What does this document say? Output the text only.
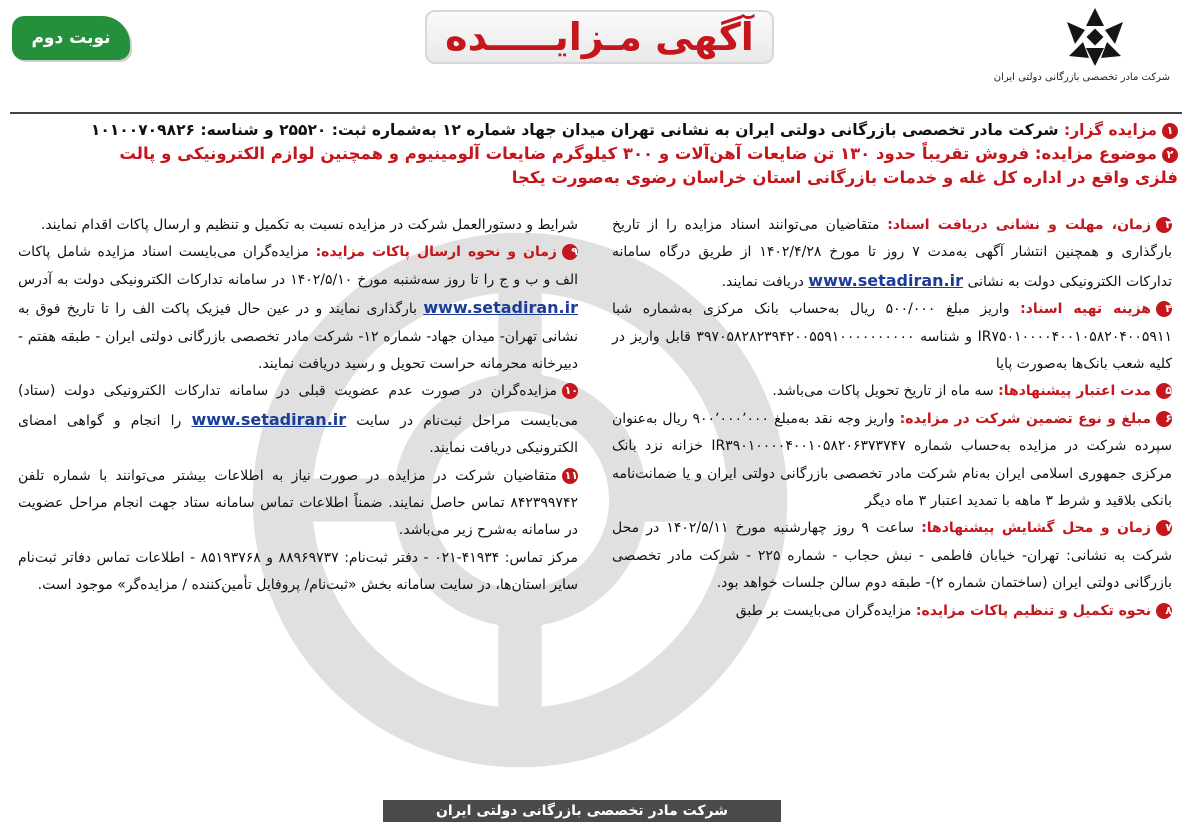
شرکت مادر تخصصی بازرگانی دولتی ایران
آگهی مـزایـــــده
نوبت دوم
۱مزایده گزار: شرکت مادر تخصصی بازرگانی دولتی ایران به نشانی تهران میدان جهاد شماره ۱۲ به‌شماره ثبت: ۲۵۵۲۰ و شناسه: ۱۰۱۰۰۷۰۹۸۲۶
۲موضوع مزایده: فروش تقریباً حدود ۱۳۰ تن ضایعات آهن‌آلات و ۳۰۰ کیلوگرم ضایعات آلومینیوم و همچنین لوازم الکترونیکی و پالت
فلزی واقع در اداره کل غله و خدمات بازرگانی استان خراسان رضوی به‌صورت یکجا
۳زمان، مهلت و نشانی دریافت اسناد: متقاضیان می‌توانند اسناد مزایده را از تاریخ بارگذاری و همچنین انتشار آگهی به‌مدت ۷ روز تا مورخ ۱۴۰۲/۴/۲۸ از طریق درگاه سامانه تدارکات الکترونیکی دولت به نشانی www.setadiran.ir دریافت نمایند.
۴هزینه تهیه اسناد: واریز مبلغ ۵۰۰/۰۰۰ ریال به‌حساب بانک مرکزی به‌شماره شبا IR۷۵۰۱۰۰۰۰۴۰۰۱۰۵۸۲۰۴۰۰۵۹۱۱ و شناسه ۳۹۷۰۵۸۲۸۲۳۹۴۲۰۰۵۵۹۱۰۰۰۰۰۰۰۰۰۰ قابل واریز در کلیه شعب بانک‌ها به‌صورت پایا
۵مدت اعتبار پیشنهادها: سه ماه از تاریخ تحویل پاکات می‌باشد.
۶مبلغ و نوع تضمین شرکت در مزایده: واریز وجه نقد به‌مبلغ ۹۰۰٬۰۰۰٬۰۰۰ ریال به‌عنوان سپرده شرکت در مزایده به‌حساب شماره IR۳۹۰۱۰۰۰۰۴۰۰۱۰۵۸۲۰۶۳۷۳۷۴۷ خزانه نزد بانک مرکزی جمهوری اسلامی ایران به‌نام شرکت مادر تخصصی بازرگانی دولتی ایران و یا ضمانت‌نامه بانکی بلاقید و شرط ۳ ماهه با تمدید اعتبار ۳ ماه دیگر
۷زمان و محل گشایش پیشنهادها: ساعت ۹ روز چهارشنبه مورخ ۱۴۰۲/۵/۱۱ در محل شرکت به نشانی: تهران- خیابان فاطمی - نبش حجاب - شماره ۲۲۵ - شرکت مادر تخصصی بازرگانی دولتی ایران (ساختمان شماره ۲)- طبقه دوم سالن جلسات خواهد بود.
۸نحوه تکمیل و تنظیم پاکات مزایده: مزایده‌گران می‌بایست بر طبق
شرایط و دستورالعمل شرکت در مزایده نسبت به تکمیل و تنظیم و ارسال پاکات اقدام نمایند.
۹زمان و نحوه ارسال پاکات مزایده: مزایده‌گران می‌بایست اسناد مزایده شامل پاکات الف و ب و ج را تا روز سه‌شنبه مورخ ۱۴۰۲/۵/۱۰ در سامانه تدارکات الکترونیکی دولت به آدرس www.setadiran.ir بارگذاری نمایند و در عین حال فیزیک پاکت الف را تا تاریخ فوق به نشانی تهران- میدان جهاد- شماره ۱۲- شرکت مادر تخصصی بازرگانی دولتی ایران - طبقه هفتم - دبیرخانه محرمانه حراست تحویل و رسید دریافت نمایند.
۱۰مزایده‌گران در صورت عدم عضویت قبلی در سامانه تدارکات الکترونیکی دولت (ستاد) می‌بایست مراحل ثبت‌نام در سایت www.setadiran.ir را انجام و گواهی امضای الکترونیکی دریافت نمایند.
۱۱متقاضیان شرکت در مزایده در صورت نیاز به اطلاعات بیشتر می‌توانند با شماره تلفن ۸۴۲۳۹۹۷۴۲ تماس حاصل نمایند. ضمناً اطلاعات تماس سامانه ستاد جهت انجام مراحل عضویت در سامانه به‌شرح زیر می‌باشد.
مرکز تماس: ۴۱۹۳۴-۰۲۱ - دفتر ثبت‌نام: ۸۸۹۶۹۷۳۷ و ۸۵۱۹۳۷۶۸ - اطلاعات تماس دفاتر ثبت‌نام سایر استان‌ها، در سایت سامانه بخش «ثبت‌نام/ پروفایل تأمین‌کننده / مزایده‌گر» موجود است.
شرکت مادر تخصصی بازرگانی دولتی ایران
